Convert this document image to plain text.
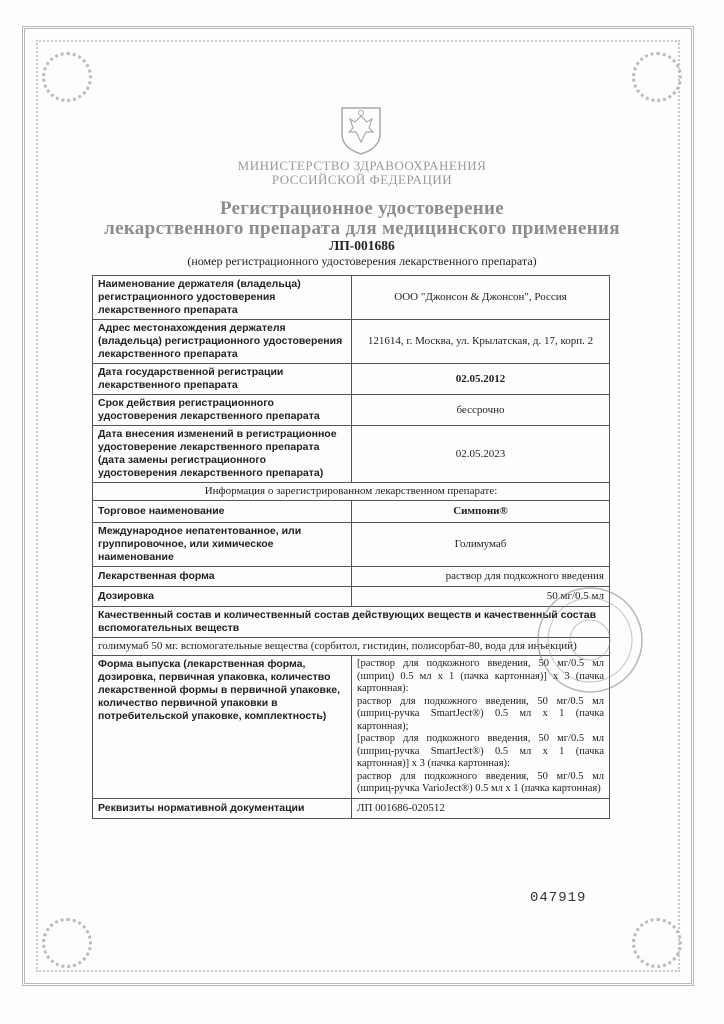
МИНИСТЕРСТВО ЗДРАВООХРАНЕНИЯ
РОССИЙСКОЙ ФЕДЕРАЦИИ
Регистрационное удостоверение
лекарственного препарата для медицинского применения
ЛП-001686
(номер регистрационного удостоверения лекарственного препарата)
Наименование держателя (владельца) регистрационного удостоверения лекарственного препарата	ООО "Джонсон & Джонсон", Россия
Адрес местонахождения держателя (владельца) регистрационного удостоверения лекарственного препарата	121614, г. Москва, ул. Крылатская, д. 17, корп. 2
Дата государственной регистрации лекарственного препарата	02.05.2012
Срок действия регистрационного удостоверения лекарственного препарата	бессрочно
Дата внесения изменений в регистрационное удостоверение лекарственного препарата (дата замены регистрационного удостоверения лекарственного препарата)	02.05.2023
Информация о зарегистрированном лекарственном препарате:	
Торговое наименование	Симпони®
Международное непатентованное, или группировочное, или химическое наименование	Голимумаб
Лекарственная форма	раствор для подкожного введения
Дозировка	50 мг/0.5 мл
Качественный состав и количественный состав действующих веществ и качественный состав вспомогательных веществ	
голимумаб 50 мг. вспомогательные вещества (сорбитол, гистидин, полисорбат-80, вода для инъекций)	
Форма выпуска (лекарственная форма, дозировка, первичная упаковка, количество лекарственной формы в первичной упаковке, количество первичной упаковки в потребительской упаковке, комплектность)	[раствор для подкожного введения, 50 мг/0.5 мл (шприц) 0.5 мл х 1 (пачка картонная)] х 3 (пачка картонная):
раствор для подкожного введения, 50 мг/0.5 мл (шприц-ручка SmartJect®) 0.5 мл х 1 (пачка картонная);
[раствор для подкожного введения, 50 мг/0.5 мл (шприц-ручка SmartJect®) 0.5 мл х 1 (пачка картонная)] х 3 (пачка картонная):
раствор для подкожного введения, 50 мг/0.5 мл (шприц-ручка VarioJect®) 0.5 мл х 1 (пачка картонная)

Реквизиты нормативной документации	ЛП 001686-020512
047919
